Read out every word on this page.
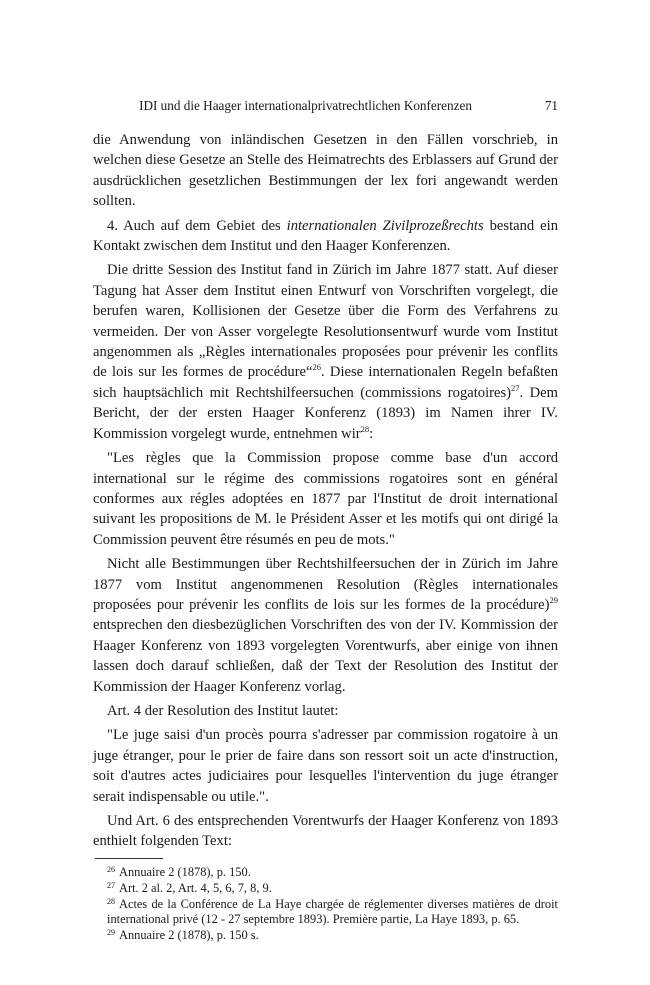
IDI und die Haager internationalprivatrechtlichen Konferenzen	71

die Anwendung von inländischen Gesetzen in den Fällen vorschrieb, in welchen diese Gesetze an Stelle des Heimatrechts des Erblassers auf Grund der ausdrücklichen gesetzlichen Bestimmungen der lex fori angewandt werden sollten.

4. Auch auf dem Gebiet des internationalen Zivilprozeßrechts bestand ein Kontakt zwischen dem Institut und den Haager Konferenzen.

Die dritte Session des Institut fand in Zürich im Jahre 1877 statt. Auf dieser Tagung hat Asser dem Institut einen Entwurf von Vorschriften vorgelegt, die berufen waren, Kollisionen der Gesetze über die Form des Verfahrens zu vermeiden. Der von Asser vorgelegte Resolutionsentwurf wurde vom Institut angenommen als „Règles internationales proposées pour prévenir les conflits de lois sur les formes de procédure“$^{26}$. Diese internationalen Regeln befaßten sich hauptsächlich mit Rechtshilfeersuchen (commissions rogatoires)$^{27}$. Dem Bericht, der der ersten Haager Konferenz (1893) im Namen ihrer IV. Kommission vorgelegt wurde, entnehmen wir$^{28}$:

"Les règles que la Commission propose comme base d'un accord international sur le régime des commissions rogatoires sont en général conformes aux régles adoptées en 1877 par l'Institut de droit international suivant les propositions de M. le Président Asser et les motifs qui ont dirigé la Commission peuvent être résumés en peu de mots."

Nicht alle Bestimmungen über Rechtshilfeersuchen der in Zürich im Jahre 1877 vom Institut angenommenen Resolution (Règles internationales proposées pour prévenir les conflits de lois sur les formes de la procédure)$^{29}$ entsprechen den diesbezüglichen Vorschriften des von der IV. Kommission der Haager Konferenz von 1893 vorgelegten Vorentwurfs, aber einige von ihnen lassen doch darauf schließen, daß der Text der Resolution des Institut der Kommission der Haager Konferenz vorlag.

Art. 4 der Resolution des Institut lautet:

"Le juge saisi d'un procès pourra s'adresser par commission rogatoire à un juge étranger, pour le prier de faire dans son ressort soit un acte d'instruction, soit d'autres actes judiciaires pour lesquelles l'intervention du juge étranger serait indispensable ou utile.".

Und Art. 6 des entsprechenden Vorentwurfs der Haager Konferenz von 1893 enthielt folgenden Text:

$^{26}$ Annuaire 2 (1878), p. 150.

$^{27}$ Art. 2 al. 2, Art. 4, 5, 6, 7, 8, 9.

$^{28}$ Actes de la Conférence de La Haye chargée de réglementer diverses matières de droit international privé (12 - 27 septembre 1893). Première partie, La Haye 1893, p. 65.

$^{29}$ Annuaire 2 (1878), p. 150 s.
